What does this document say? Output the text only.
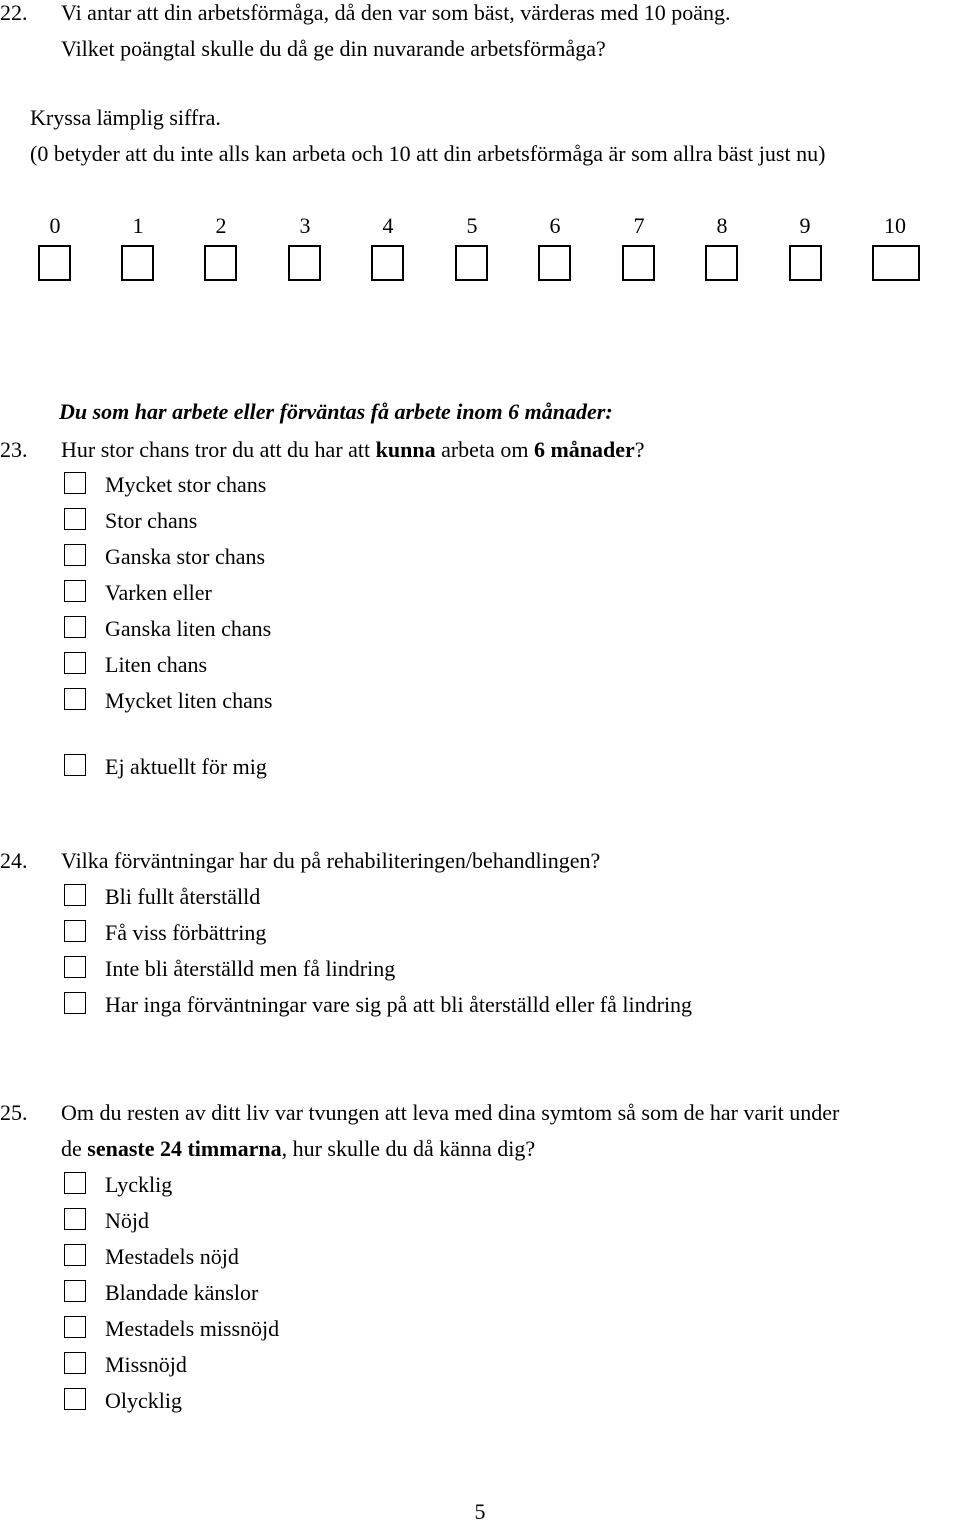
22. Vi antar att din arbetsförmåga, då den var som bäst, värderas med 10 poäng.
Vilket poängtal skulle du då ge din nuvarande arbetsförmåga?
Kryssa lämplig siffra.
(0 betyder att du inte alls kan arbeta och 10 att din arbetsförmåga är som allra bäst just nu)
0	1	2	3	4	5	6	7	8	9	10
Du som har arbete eller förväntas få arbete inom 6 månader:
23. Hur stor chans tror du att du har att kunna arbeta om 6 månader?
Mycket stor chans
Stor chans
Ganska stor chans
Varken eller
Ganska liten chans
Liten chans
Mycket liten chans
Ej aktuellt för mig
24. Vilka förväntningar har du på rehabiliteringen/behandlingen?
Bli fullt återställd
Få viss förbättring
Inte bli återställd men få lindring
Har inga förväntningar vare sig på att bli återställd eller få lindring
25. Om du resten av ditt liv var tvungen att leva med dina symtom så som de har varit under
de senaste 24 timmarna, hur skulle du då känna dig?
Lycklig
Nöjd
Mestadels nöjd
Blandade känslor
Mestadels missnöjd
Missnöjd
Olycklig
5
